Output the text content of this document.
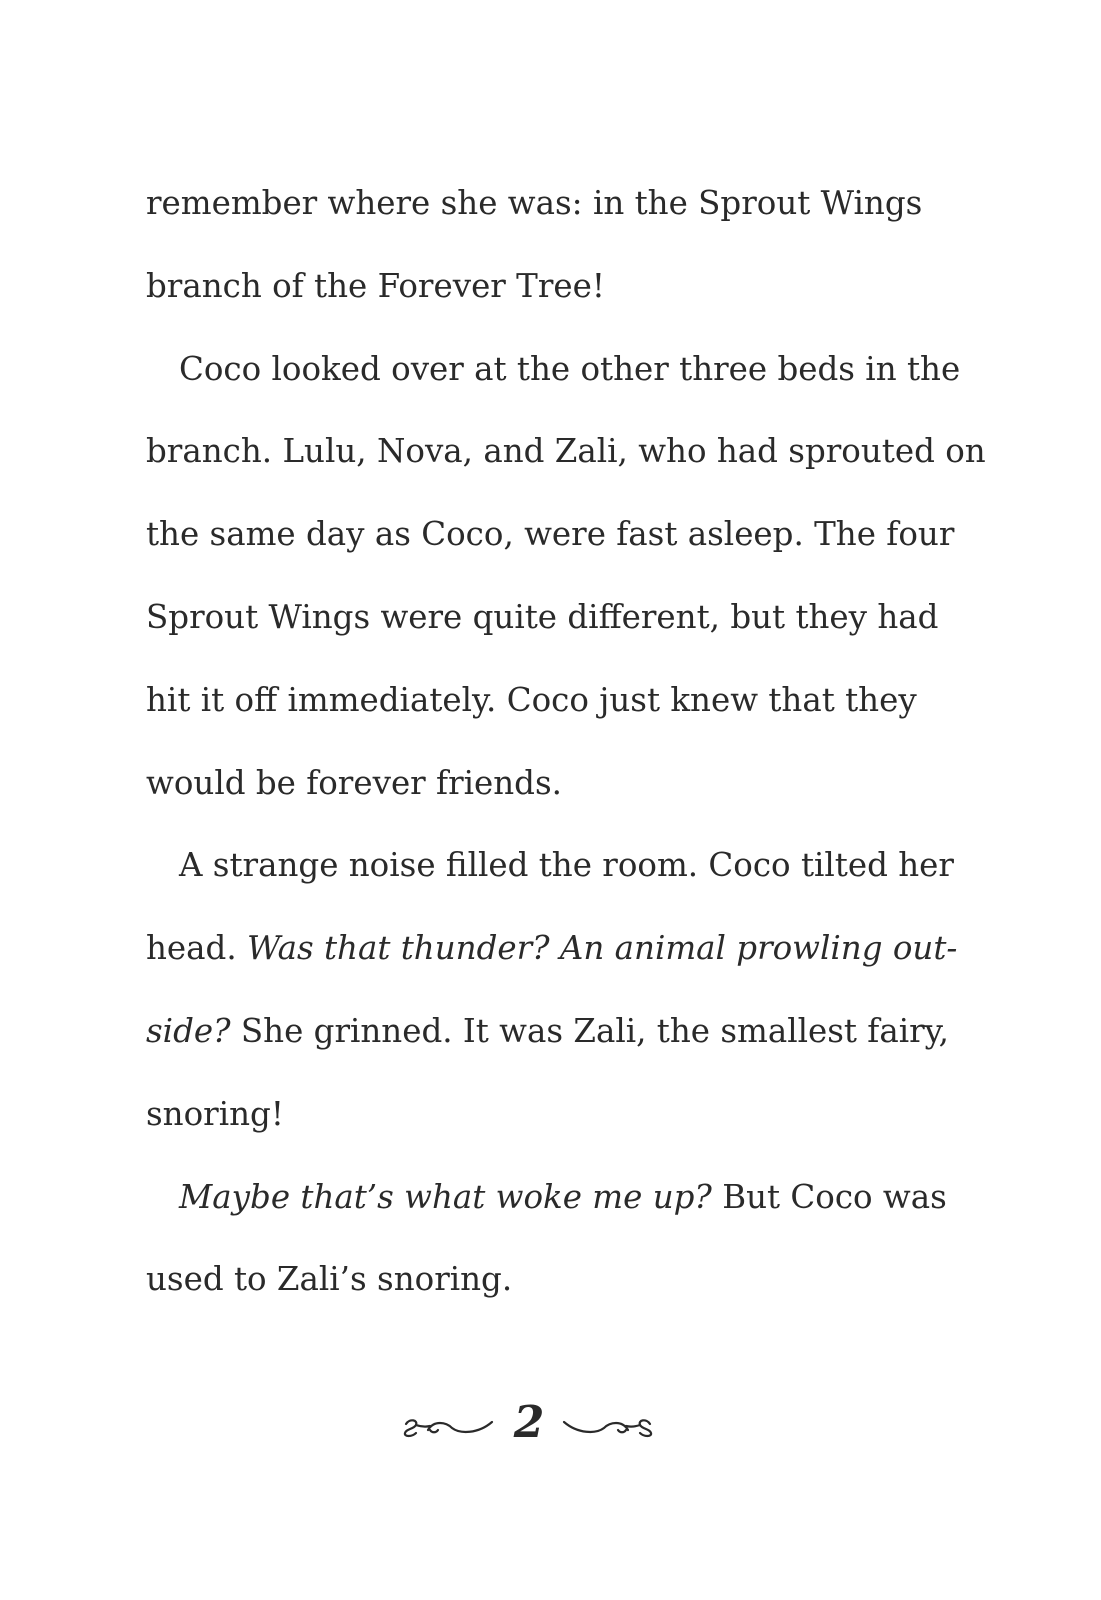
remember where she was: in the Sprout Wings
branch of the Forever Tree!
Coco looked over at the other three beds in the
branch. Lulu, Nova, and Zali, who had sprouted on
the same day as Coco, were fast asleep. The four
Sprout Wings were quite different, but they had
hit it off immediately. Coco just knew that they
would be forever friends.
A strange noise filled the room. Coco tilted her
head. Was that thunder? An animal prowling out-
side? She grinned. It was Zali, the smallest fairy,
snoring!
Maybe that’s what woke me up? But Coco was
used to Zali’s snoring.
2
